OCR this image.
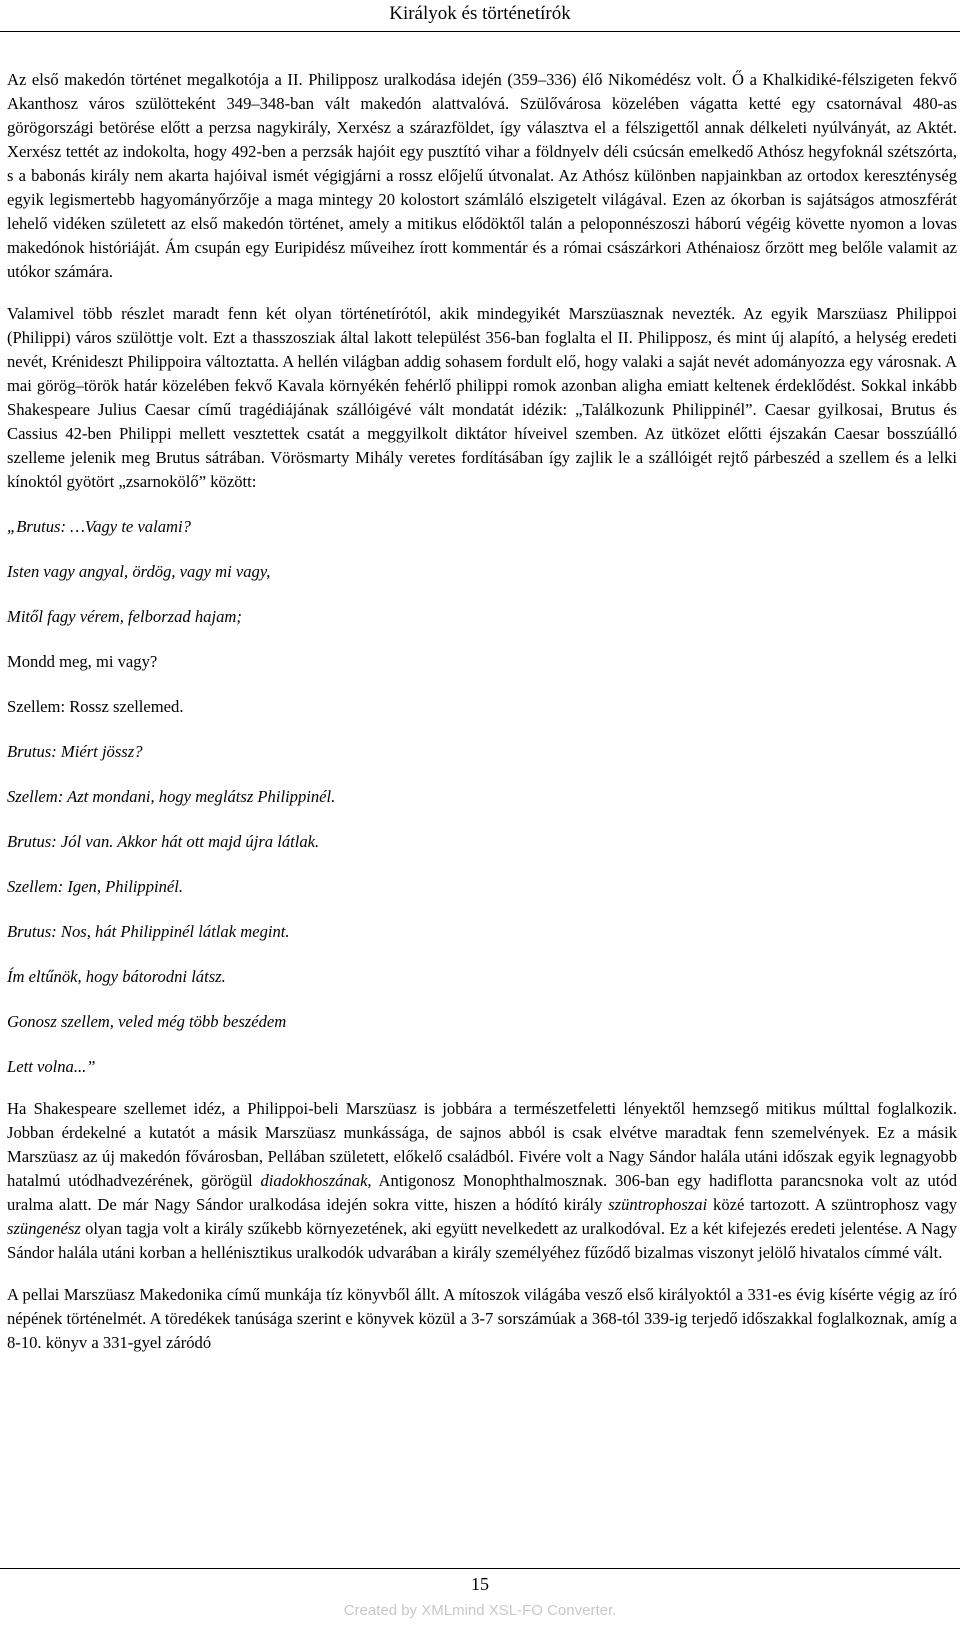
Királyok és történetírók

Az első makedón történet megalkotója a II. Philipposz uralkodása idején (359–336) élő Nikomédész volt. Ő a Khalkidiké-félszigeten fekvő Akanthosz város szülötteként 349–348-ban vált makedón alattvalóvá. Szülővárosa közelében vágatta ketté egy csatornával 480-as görögországi betörése előtt a perzsa nagykirály, Xerxész a szárazföldet, így választva el a félszigettől annak délkeleti nyúlványát, az Aktét. Xerxész tettét az indokolta, hogy 492-ben a perzsák hajóit egy pusztító vihar a földnyelv déli csúcsán emelkedő Athósz hegyfoknál szétszórta, s a babonás király nem akarta hajóival ismét végigjárni a rossz előjelű útvonalat. Az Athósz különben napjainkban az ortodox kereszténység egyik legismertebb hagyományőrzője a maga mintegy 20 kolostort számláló elszigetelt világával. Ezen az ókorban is sajátságos atmoszférát lehelő vidéken született az első makedón történet, amely a mitikus elődöktől talán a peloponnészoszi háború végéig követte nyomon a lovas makedónok históriáját. Ám csupán egy Euripidész műveihez írott kommentár és a római császárkori Athénaiosz őrzött meg belőle valamit az utókor számára.

Valamivel több részlet maradt fenn két olyan történetírótól, akik mindegyikét Marszüasznak nevezték. Az egyik Marszüasz Philippoi (Philippi) város szülöttje volt. Ezt a thasszosziak által lakott települést 356-ban foglalta el II. Philipposz, és mint új alapító, a helység eredeti nevét, Krénideszt Philippoira változtatta. A hellén világban addig sohasem fordult elő, hogy valaki a saját nevét adományozza egy városnak. A mai görög–török határ közelében fekvő Kavala környékén fehérlő philippi romok azonban aligha emiatt keltenek érdeklődést. Sokkal inkább Shakespeare Julius Caesar című tragédiájának szállóigévé vált mondatát idézik: „Találkozunk Philippinél”. Caesar gyilkosai, Brutus és Cassius 42-ben Philippi mellett vesztettek csatát a meggyilkolt diktátor híveivel szemben. Az ütközet előtti éjszakán Caesar bosszúálló szelleme jelenik meg Brutus sátrában. Vörösmarty Mihály veretes fordításában így zajlik le a szállóigét rejtő párbeszéd a szellem és a lelki kínoktól gyötört „zsarnokölő” között:

„Brutus: …Vagy te valami?

Isten vagy angyal, ördög, vagy mi vagy,

Mitől fagy vérem, felborzad hajam;

Mondd meg, mi vagy?

Szellem: Rossz szellemed.

Brutus: Miért jössz?

Szellem: Azt mondani, hogy meglátsz Philippinél.

Brutus: Jól van. Akkor hát ott majd újra látlak.

Szellem: Igen, Philippinél.

Brutus: Nos, hát Philippinél látlak megint.

Ím eltűnök, hogy bátorodni látsz.

Gonosz szellem, veled még több beszédem

Lett volna...”

Ha Shakespeare szellemet idéz, a Philippoi-beli Marszüasz is jobbára a természetfeletti lényektől hemzsegő mitikus múlttal foglalkozik. Jobban érdekelné a kutatót a másik Marszüasz munkássága, de sajnos abból is csak elvétve maradtak fenn szemelvények. Ez a másik Marszüasz az új makedón fővárosban, Pellában született, előkelő családból. Fivére volt a Nagy Sándor halála utáni időszak egyik legnagyobb hatalmú utódhadvezérének, görögül diadokhoszának, Antigonosz Monophthalmosznak. 306-ban egy hadiflotta parancsnoka volt az utód uralma alatt. De már Nagy Sándor uralkodása idején sokra vitte, hiszen a hódító király szüntrophoszai közé tartozott. A szüntrophosz vagy szüngenész olyan tagja volt a király szűkebb környezetének, aki együtt nevelkedett az uralkodóval. Ez a két kifejezés eredeti jelentése. A Nagy Sándor halála utáni korban a hellénisztikus uralkodók udvarában a király személyéhez fűződő bizalmas viszonyt jelölő hivatalos címmé vált.

A pellai Marszüasz Makedonika című munkája tíz könyvből állt. A mítoszok világába vesző első királyoktól a 331-es évig kísérte végig az író népének történelmét. A töredékek tanúsága szerint e könyvek közül a 3-7 sorszámúak a 368-tól 339-ig terjedő időszakkal foglalkoznak, amíg a 8-10. könyv a 331-gyel záródó

15
Created by XMLmind XSL-FO Converter.
